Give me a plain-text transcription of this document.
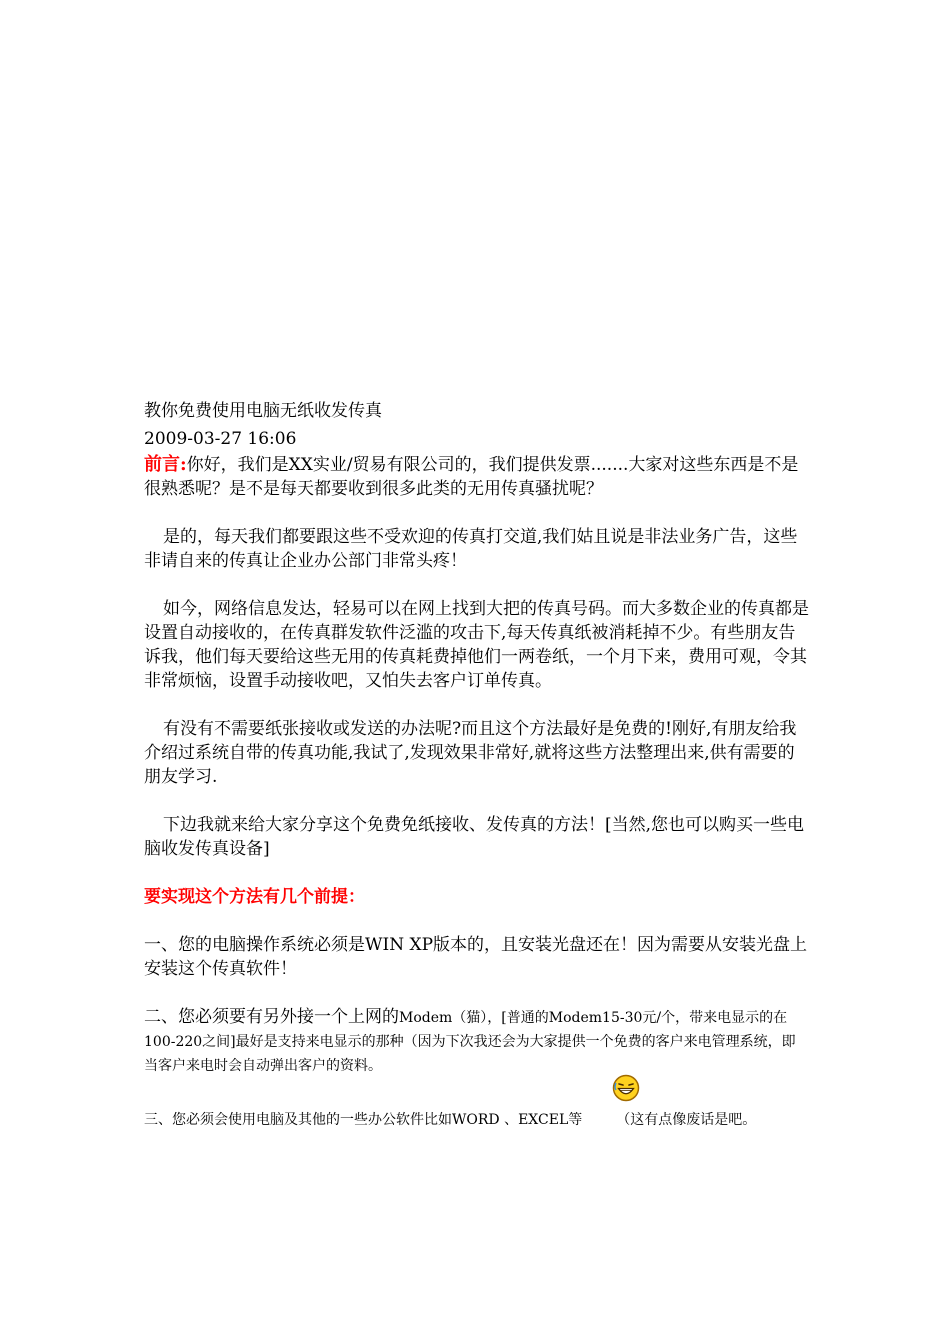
教你免费使用电脑无纸收发传真
2009-03-27 16:06

前言:你好，我们是XX实业/贸易有限公司的，我们提供发票.......大家对这些东西是不是很熟悉呢？是不是每天都要收到很多此类的无用传真骚扰呢？

是的，每天我们都要跟这些不受欢迎的传真打交道,我们姑且说是非法业务广告，这些非请自来的传真让企业办公部门非常头疼！

如今，网络信息发达，轻易可以在网上找到大把的传真号码。而大多数企业的传真都是设置自动接收的，在传真群发软件泛滥的攻击下,每天传真纸被消耗掉不少。有些朋友告诉我，他们每天要给这些无用的传真耗费掉他们一两卷纸，一个月下来，费用可观，令其非常烦恼，设置手动接收吧，又怕失去客户订单传真。

有没有不需要纸张接收或发送的办法呢?而且这个方法最好是免费的!刚好,有朋友给我介绍过系统自带的传真功能,我试了,发现效果非常好,就将这些方法整理出来,供有需要的朋友学习.

下边我就来给大家分享这个免费免纸接收、发传真的方法！[当然,您也可以购买一些电脑收发传真设备]

要实现这个方法有几个前提：

一、您的电脑操作系统必须是WIN XP版本的，且安装光盘还在！因为需要从安装光盘上安装这个传真软件！

二、您必须要有另外接一个上网的Modem（猫），[普通的Modem15-30元/个，带来电显示的在100-220之间]最好是支持来电显示的那种（因为下次我还会为大家提供一个免费的客户来电管理系统，即当客户来电时会自动弹出客户的资料。

三、您必须会使用电脑及其他的一些办公软件比如WORD 、EXCEL等 （这有点像废话是吧。
